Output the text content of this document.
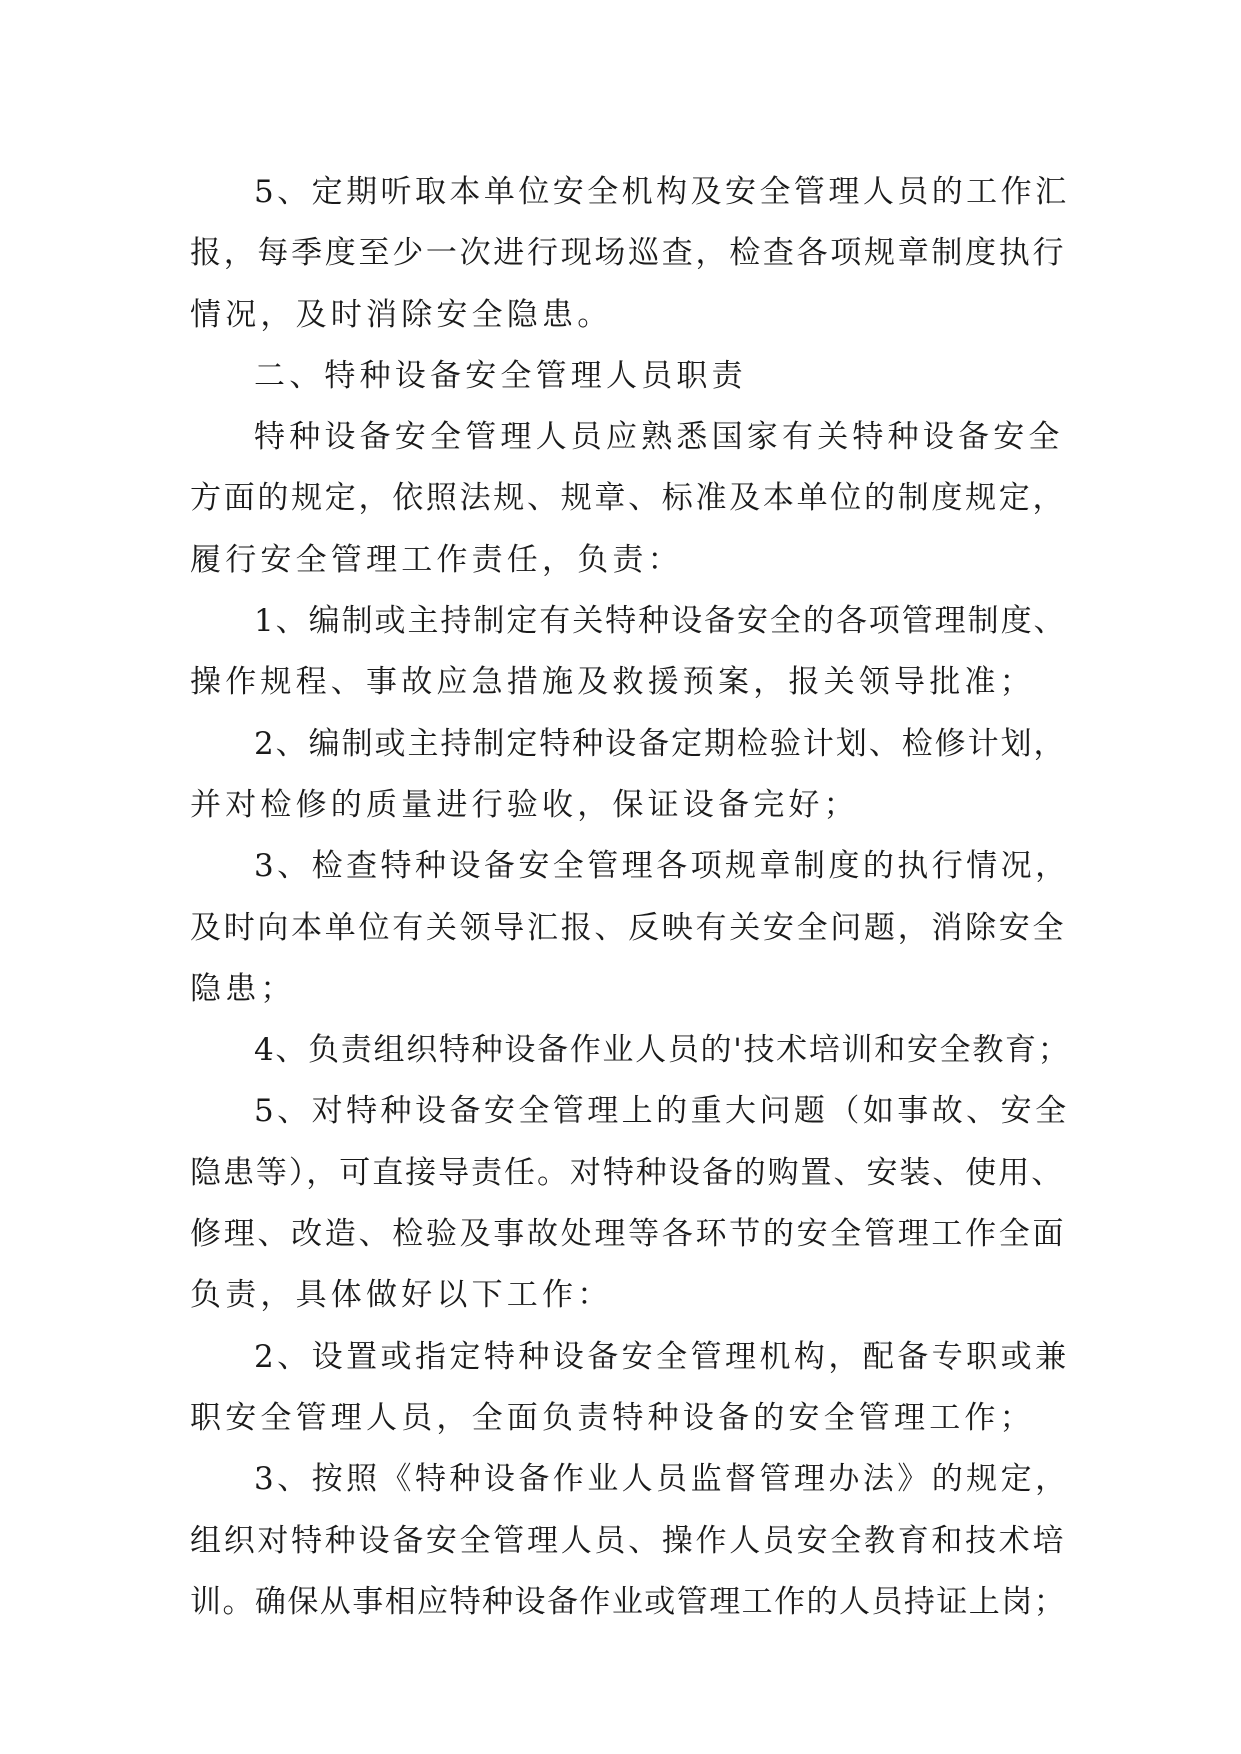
5、定期听取本单位安全机构及安全管理人员的工作汇
报，每季度至少一次进行现场巡查，检查各项规章制度执行
情况，及时消除安全隐患。
二、特种设备安全管理人员职责
特种设备安全管理人员应熟悉国家有关特种设备安全
方面的规定，依照法规、规章、标准及本单位的制度规定，
履行安全管理工作责任，负责：
1、编制或主持制定有关特种设备安全的各项管理制度、
操作规程、事故应急措施及救援预案，报关领导批准；
2、编制或主持制定特种设备定期检验计划、检修计划，
并对检修的质量进行验收，保证设备完好；
3、检查特种设备安全管理各项规章制度的执行情况，
及时向本单位有关领导汇报、反映有关安全问题，消除安全
隐患；
4、负责组织特种设备作业人员的'技术培训和安全教育；
5、对特种设备安全管理上的重大问题（如事故、安全
隐患等），可直接导责任。对特种设备的购置、安装、使用、
修理、改造、检验及事故处理等各环节的安全管理工作全面
负责，具体做好以下工作：
2、设置或指定特种设备安全管理机构，配备专职或兼
职安全管理人员，全面负责特种设备的安全管理工作；
3、按照《特种设备作业人员监督管理办法》的规定，
组织对特种设备安全管理人员、操作人员安全教育和技术培
训。确保从事相应特种设备作业或管理工作的人员持证上岗；
